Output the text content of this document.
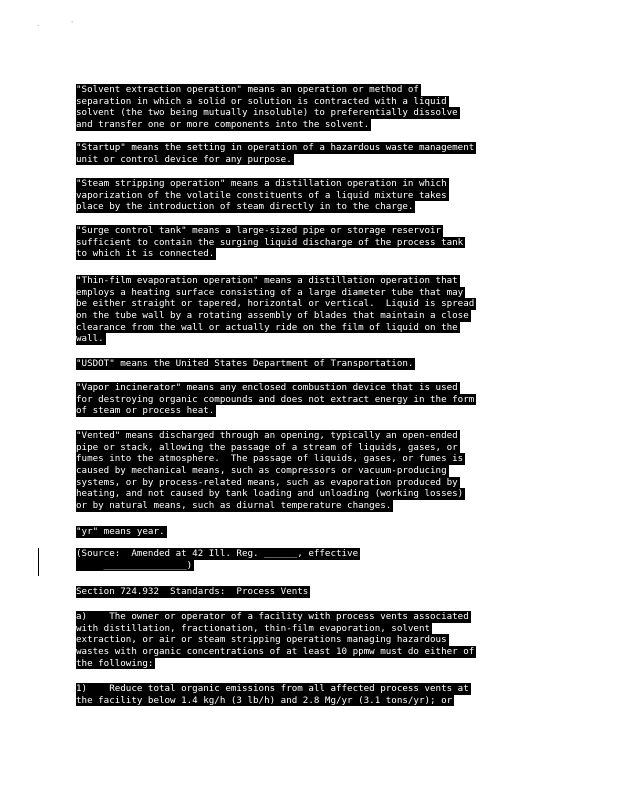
.	'
"Solvent extraction operation" means an operation or method of
separation in which a solid or solution is contracted with a liquid
solvent (the two being mutually insoluble) to preferentially dissolve
and transfer one or more components into the solvent.
"Startup" means the setting in operation of a hazardous waste management
unit or control device for any purpose.
"Steam stripping operation" means a distillation operation in which
vaporization of the volatile constituents of a liquid mixture takes
place by the introduction of steam directly in to the charge.
"Surge control tank" means a large-sized pipe or storage reservoir
sufficient to contain the surging liquid discharge of the process tank
to which it is connected.
"Thin-film evaporation operation" means a distillation operation that
employs a heating surface consisting of a large diameter tube that may
be either straight or tapered, horizontal or vertical.  Liquid is spread
on the tube wall by a rotating assembly of blades that maintain a close
clearance from the wall or actually ride on the film of liquid on the
wall.
"USDOT" means the United States Department of Transportation.
"Vapor incinerator" means any enclosed combustion device that is used
for destroying organic compounds and does not extract energy in the form
of steam or process heat.
"Vented" means discharged through an opening, typically an open-ended
pipe or stack, allowing the passage of a stream of liquids, gases, or
fumes into the atmosphere.  The passage of liquids, gases, or fumes is
caused by mechanical means, such as compressors or vacuum-producing
systems, or by process-related means, such as evaporation produced by
heating, and not caused by tank loading and unloading (working losses)
or by natural means, such as diurnal temperature changes.
"yr" means year.
(Source:  Amended at 42 Ill. Reg. ______, effective
_______________)
Section 724.932  Standards:  Process Vents
a)    The owner or operator of a facility with process vents associated
with distillation, fractionation, thin-film evaporation, solvent
extraction, or air or steam stripping operations managing hazardous
wastes with organic concentrations of at least 10 ppmw must do either of
the following:
1)    Reduce total organic emissions from all affected process vents at
the facility below 1.4 kg/h (3 lb/h) and 2.8 Mg/yr (3.1 tons/yr); or
